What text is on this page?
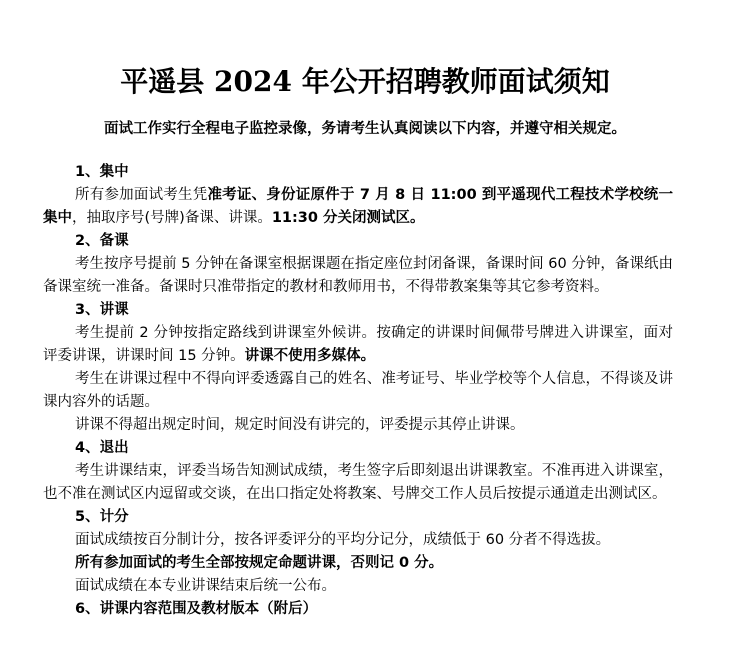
平遥县 2024 年公开招聘教师面试须知
面试工作实行全程电子监控录像，务请考生认真阅读以下内容，并遵守相关规定。
1、集中
所有参加面试考生凭准考证、身份证原件于 7 月 8 日 11:00 到平遥现代工程技术学校统一集中，抽取序号(号牌)备课、讲课。11:30 分关闭测试区。
2、备课
考生按序号提前 5 分钟在备课室根据课题在指定座位封闭备课，备课时间 60 分钟，备课纸由备课室统一准备。备课时只准带指定的教材和教师用书，不得带教案集等其它参考资料。
3、讲课
考生提前 2 分钟按指定路线到讲课室外候讲。按确定的讲课时间佩带号牌进入讲课室，面对评委讲课，讲课时间 15 分钟。讲课不使用多媒体。
考生在讲课过程中不得向评委透露自己的姓名、准考证号、毕业学校等个人信息，不得谈及讲课内容外的话题。
讲课不得超出规定时间，规定时间没有讲完的，评委提示其停止讲课。
4、退出
考生讲课结束，评委当场告知测试成绩，考生签字后即刻退出讲课教室。不准再进入讲课室，也不准在测试区内逗留或交谈，在出口指定处将教案、号牌交工作人员后按提示通道走出测试区。
5、计分
面试成绩按百分制计分，按各评委评分的平均分记分，成绩低于 60 分者不得选拔。
所有参加面试的考生全部按规定命题讲课，否则记 0 分。
面试成绩在本专业讲课结束后统一公布。
6、讲课内容范围及教材版本（附后）
